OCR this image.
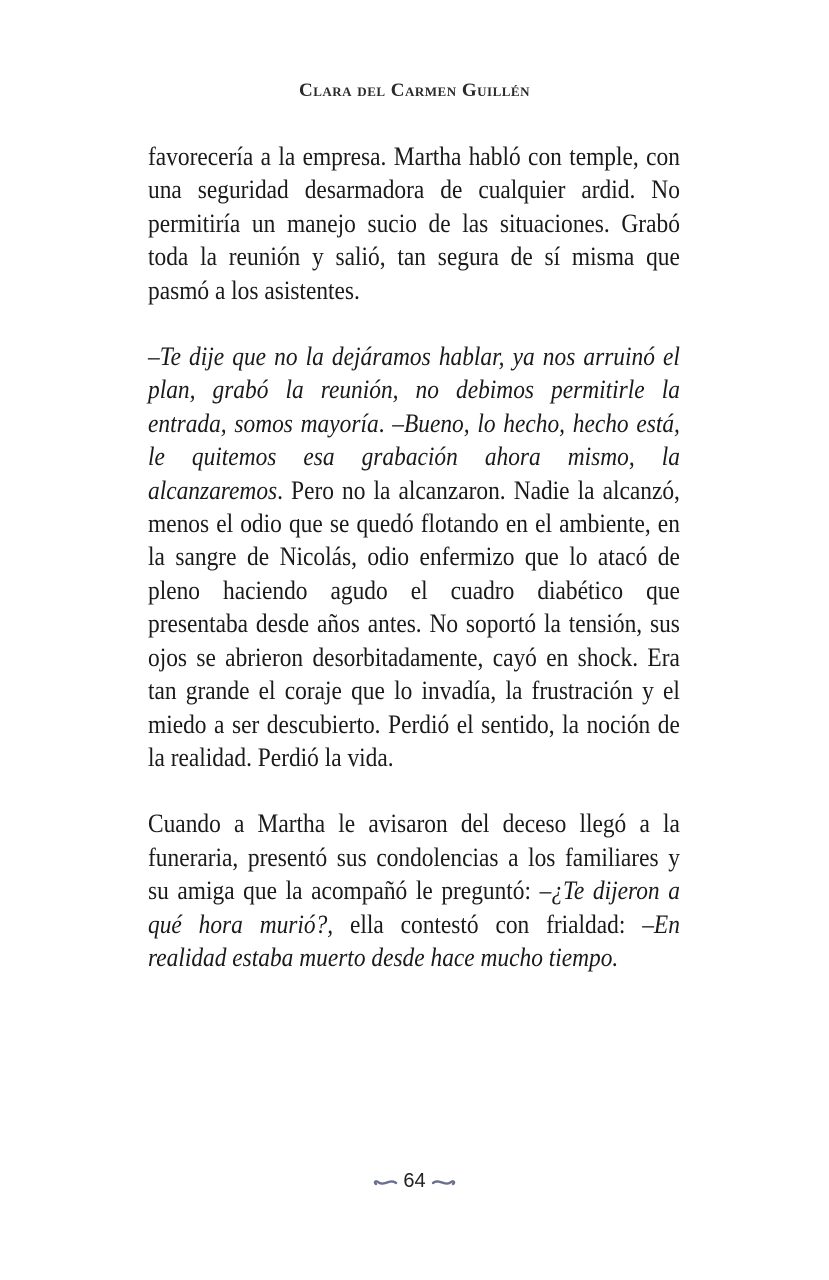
Clara del Carmen Guillén

favorecería a la empresa. Martha habló con temple, con una seguridad desarmadora de cualquier ardid. No permitiría un manejo sucio de las situaciones. Grabó toda la reunión y salió, tan segura de sí misma que pasmó a los asistentes.

–Te dije que no la dejáramos hablar, ya nos arruinó el plan, grabó la reunión, no debimos permitirle la entrada, somos mayoría. –Bueno, lo hecho, hecho está, le quitemos esa grabación ahora mismo, la alcanzaremos. Pero no la alcanzaron. Nadie la alcanzó, menos el odio que se quedó flotando en el ambiente, en la sangre de Nicolás, odio enfermizo que lo atacó de pleno haciendo agudo el cuadro diabético que presentaba desde años antes. No soportó la tensión, sus ojos se abrieron desorbitadamente, cayó en shock. Era tan grande el coraje que lo invadía, la frustración y el miedo a ser descubierto. Perdió el sentido, la noción de la realidad. Perdió la vida.

Cuando a Martha le avisaron del deceso llegó a la funeraria, presentó sus condolencias a los familiares y su amiga que la acompañó le preguntó: –¿Te dijeron a qué hora murió?, ella contestó con frialdad: –En realidad estaba muerto desde hace mucho tiempo.

64
